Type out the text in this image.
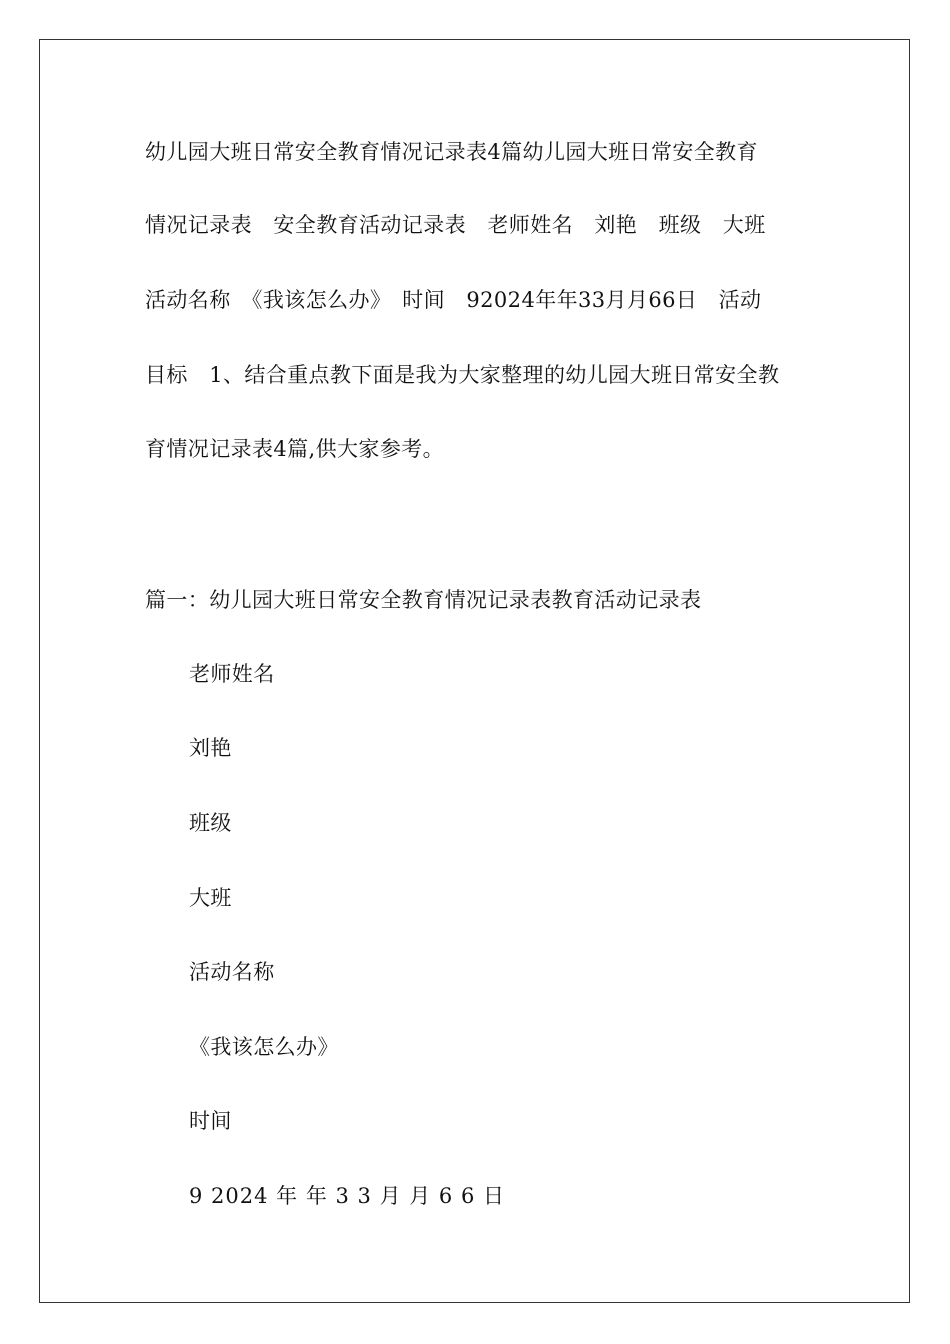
幼儿园大班日常安全教育情况记录表4篇幼儿园大班日常安全教育
情况记录表　安全教育活动记录表　老师姓名　刘艳　班级　大班
活动名称　《我该怎么办》　时间　92024年年33月月66日　活动
目标　1、结合重点教下面是我为大家整理的幼儿园大班日常安全教
育情况记录表4篇,供大家参考。
篇一：幼儿园大班日常安全教育情况记录表教育活动记录表
老师姓名
刘艳
班级
大班
活动名称
《我该怎么办》
时间
9 2024 年 年 3 3 月 月 6 6 日
